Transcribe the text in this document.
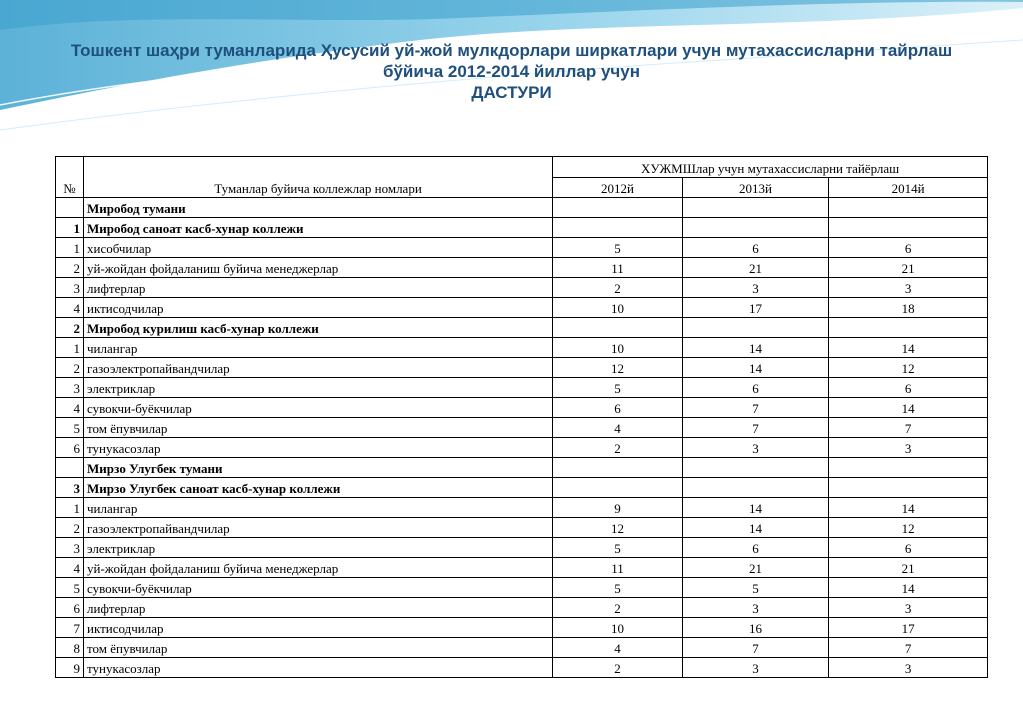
Тошкент шаҳри туманларида Ҳусусий уй-жой мулкдорлари ширкатлари учун мутахассисларни тайрлаш
бўйича 2012-2014 йиллар учун
ДАСТУРИ
№	Туманлар буйича коллежлар номлари	ХУЖМШлар учун мутахассисларни тайёрлаш		
		2012й	2013й	2014й
	Миробод тумани			
1	Миробод саноат касб-хунар коллежи			
1	хисобчилар	5	6	6
2	уй-жойдан фойдаланиш буйича менеджерлар	11	21	21
3	лифтерлар	2	3	3
4	иктисодчилар	10	17	18
2	Миробод курилиш касб-хунар коллежи			
1	чилангар	10	14	14
2	газоэлектропайвандчилар	12	14	12
3	электриклар	5	6	6
4	сувокчи-буёкчилар	6	7	14
5	том ёпувчилар	4	7	7
6	тунукасозлар	2	3	3
	Мирзо Улугбек тумани			
3	Мирзо Улугбек саноат касб-хунар коллежи			
1	чилангар	9	14	14
2	газоэлектропайвандчилар	12	14	12
3	электриклар	5	6	6
4	уй-жойдан фойдаланиш буйича менеджерлар	11	21	21
5	сувокчи-буёкчилар	5	5	14
6	лифтерлар	2	3	3
7	иктисодчилар	10	16	17
8	том ёпувчилар	4	7	7
9	тунукасозлар	2	3	3
